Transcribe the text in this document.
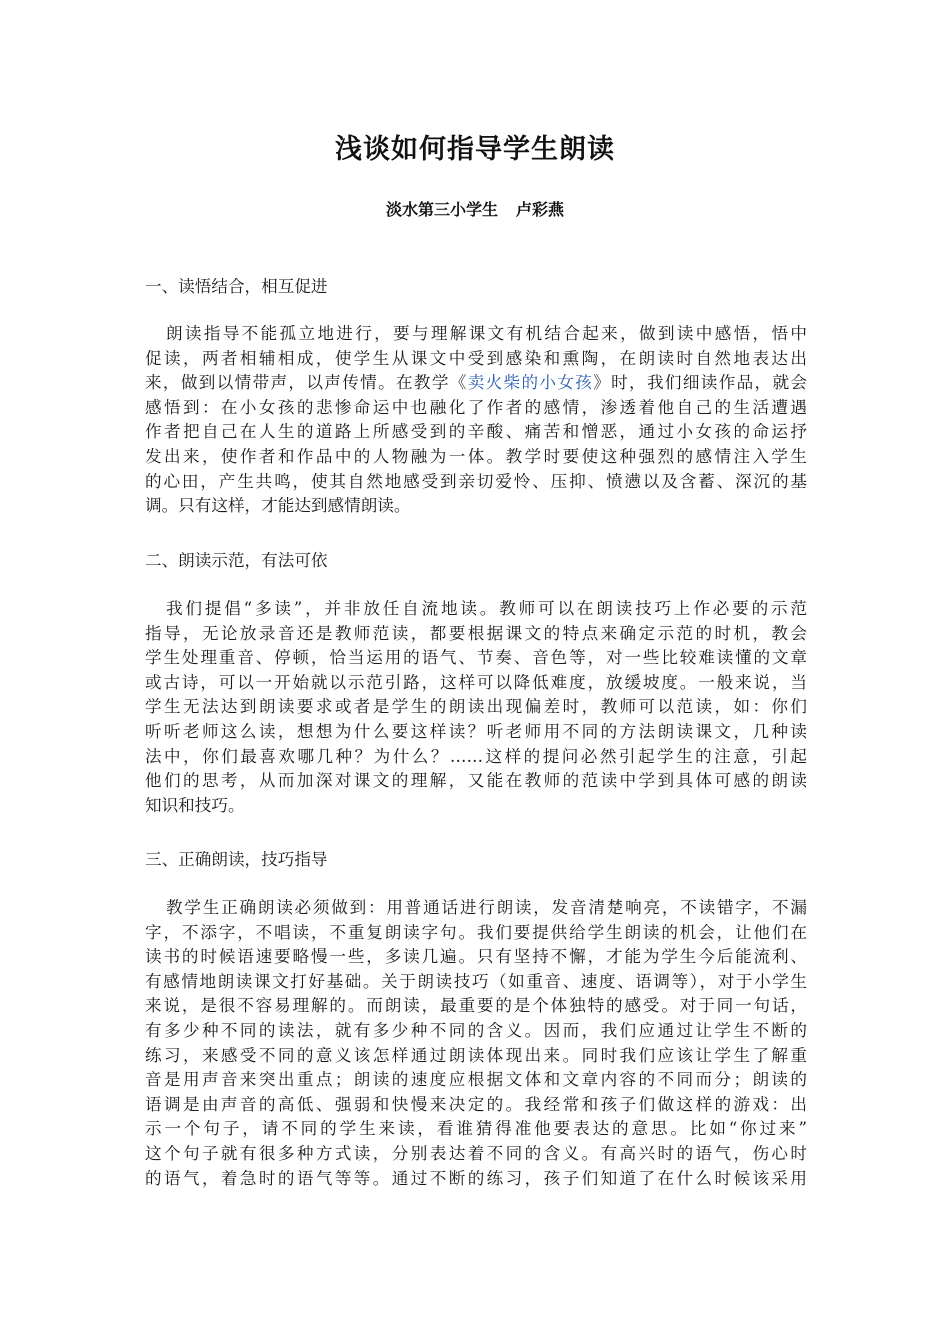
浅谈如何指导学生朗读
淡水第三小学生 卢彩燕
一、读悟结合，相互促进
朗读指导不能孤立地进行，要与理解课文有机结合起来，做到读中感悟，悟中
促读，两者相辅相成，使学生从课文中受到感染和熏陶，在朗读时自然地表达出
来，做到以情带声，以声传情。在教学《卖火柴的小女孩》时，我们细读作品，就会
感悟到：在小女孩的悲惨命运中也融化了作者的感情，渗透着他自己的生活遭遇
作者把自己在人生的道路上所感受到的辛酸、痛苦和憎恶，通过小女孩的命运抒
发出来，使作者和作品中的人物融为一体。教学时要使这种强烈的感情注入学生
的心田，产生共鸣，使其自然地感受到亲切爱怜、压抑、愤懑以及含蓄、深沉的基
调。只有这样，才能达到感情朗读。
二、朗读示范，有法可依
我们提倡“多读”，并非放任自流地读。教师可以在朗读技巧上作必要的示范
指导，无论放录音还是教师范读，都要根据课文的特点来确定示范的时机，教会
学生处理重音、停顿，恰当运用的语气、节奏、音色等，对一些比较难读懂的文章
或古诗，可以一开始就以示范引路，这样可以降低难度，放缓坡度。一般来说，当
学生无法达到朗读要求或者是学生的朗读出现偏差时，教师可以范读，如：你们
听听老师这么读，想想为什么要这样读？听老师用不同的方法朗读课文，几种读
法中，你们最喜欢哪几种？为什么？……这样的提问必然引起学生的注意，引起
他们的思考，从而加深对课文的理解，又能在教师的范读中学到具体可感的朗读
知识和技巧。
三、正确朗读，技巧指导
教学生正确朗读必须做到：用普通话进行朗读，发音清楚响亮，不读错字，不漏
字，不添字，不唱读，不重复朗读字句。我们要提供给学生朗读的机会，让他们在
读书的时候语速要略慢一些，多读几遍。只有坚持不懈，才能为学生今后能流利、
有感情地朗读课文打好基础。关于朗读技巧（如重音、速度、语调等），对于小学生
来说，是很不容易理解的。而朗读，最重要的是个体独特的感受。对于同一句话，
有多少种不同的读法，就有多少种不同的含义。因而，我们应通过让学生不断的
练习，来感受不同的意义该怎样通过朗读体现出来。同时我们应该让学生了解重
音是用声音来突出重点；朗读的速度应根据文体和文章内容的不同而分；朗读的
语调是由声音的高低、强弱和快慢来决定的。我经常和孩子们做这样的游戏：出
示一个句子，请不同的学生来读，看谁猜得准他要表达的意思。比如“你过来”
这个句子就有很多种方式读，分别表达着不同的含义。有高兴时的语气，伤心时
的语气，着急时的语气等等。通过不断的练习，孩子们知道了在什么时候该采用
